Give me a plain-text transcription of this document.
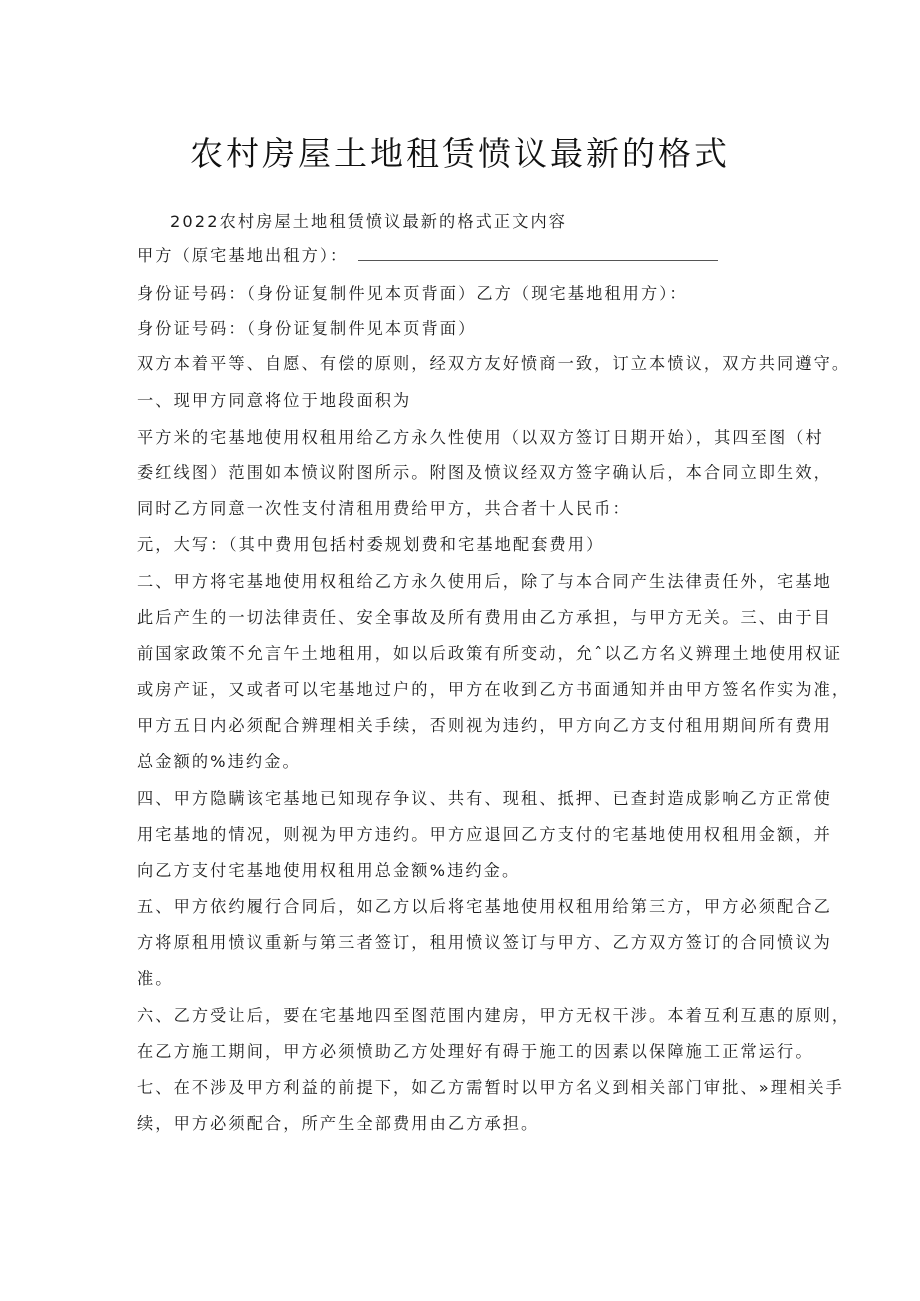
农村房屋土地租赁愤议最新的格式
2022农村房屋土地租赁愤议最新的格式正文内容
甲方（原宅基地出租方）：
身份证号码：（身份证复制件见本页背面）乙方（现宅基地租用方）：
身份证号码：（身份证复制件见本页背面）
双方本着平等、自愿、有偿的原则，经双方友好愤商一致，订立本愤议，双方共同遵守。
一、现甲方同意将位于地段面积为
平方米的宅基地使用权租用给乙方永久性使用（以双方签订日期开始），其四至图（村
委红线图）范围如本愤议附图所示。附图及愤议经双方签字确认后，本合同立即生效，
同时乙方同意一次性支付清租用费给甲方，共合者十人民币：
元，大写：（其中费用包括村委规划费和宅基地配套费用）
二、甲方将宅基地使用权租给乙方永久使用后，除了与本合同产生法律责任外，宅基地
此后产生的一切法律责任、安全事故及所有费用由乙方承担，与甲方无关。三、由于目
前国家政策不允言午土地租用，如以后政策有所变动，允ˆ以乙方名义辨理土地使用权证
或房产证，又或者可以宅基地过户的，甲方在收到乙方书面通知并由甲方签名作实为准，
甲方五日内必须配合辨理相关手续，否则视为违约，甲方向乙方支付租用期间所有费用
总金额的%违约金。
四、甲方隐瞒该宅基地已知现存争议、共有、现租、抵押、已查封造成影响乙方正常使
用宅基地的情况，则视为甲方违约。甲方应退回乙方支付的宅基地使用权租用金额，并
向乙方支付宅基地使用权租用总金额%违约金。
五、甲方依约履行合同后，如乙方以后将宅基地使用权租用给第三方，甲方必须配合乙
方将原租用愤议重新与第三者签订，租用愤议签订与甲方、乙方双方签订的合同愤议为
准。
六、乙方受让后，要在宅基地四至图范围内建房，甲方无权干涉。本着互利互惠的原则，
在乙方施工期间，甲方必须愤助乙方处理好有碍于施工的因素以保障施工正常运行。
七、在不涉及甲方利益的前提下，如乙方需暂时以甲方名义到相关部门审批、»理相关手
续，甲方必须配合，所产生全部费用由乙方承担。
